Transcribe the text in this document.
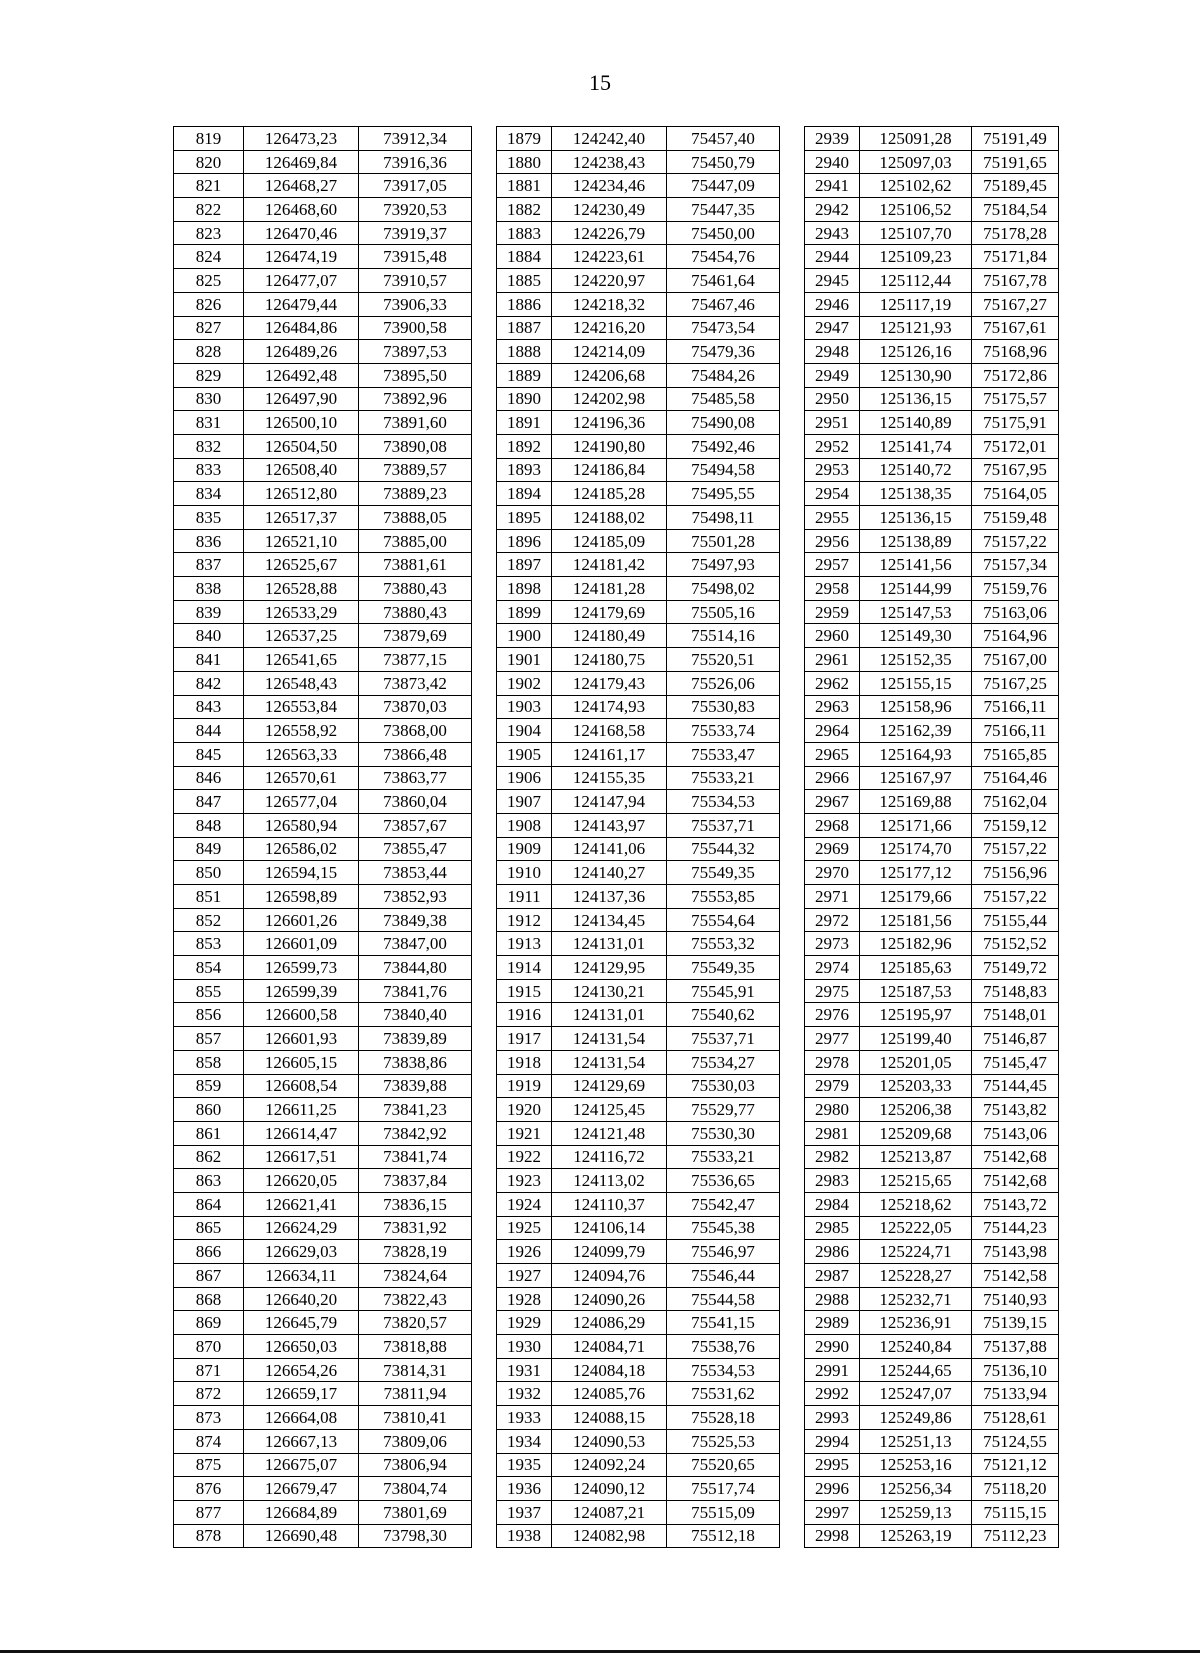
15
819	126473,23	73912,34		1879	124242,40	75457,40		2939	125091,28	75191,49
820	126469,84	73916,36		1880	124238,43	75450,79		2940	125097,03	75191,65
821	126468,27	73917,05		1881	124234,46	75447,09		2941	125102,62	75189,45
822	126468,60	73920,53		1882	124230,49	75447,35		2942	125106,52	75184,54
823	126470,46	73919,37		1883	124226,79	75450,00		2943	125107,70	75178,28
824	126474,19	73915,48		1884	124223,61	75454,76		2944	125109,23	75171,84
825	126477,07	73910,57		1885	124220,97	75461,64		2945	125112,44	75167,78
826	126479,44	73906,33		1886	124218,32	75467,46		2946	125117,19	75167,27
827	126484,86	73900,58		1887	124216,20	75473,54		2947	125121,93	75167,61
828	126489,26	73897,53		1888	124214,09	75479,36		2948	125126,16	75168,96
829	126492,48	73895,50		1889	124206,68	75484,26		2949	125130,90	75172,86
830	126497,90	73892,96		1890	124202,98	75485,58		2950	125136,15	75175,57
831	126500,10	73891,60		1891	124196,36	75490,08		2951	125140,89	75175,91
832	126504,50	73890,08		1892	124190,80	75492,46		2952	125141,74	75172,01
833	126508,40	73889,57		1893	124186,84	75494,58		2953	125140,72	75167,95
834	126512,80	73889,23		1894	124185,28	75495,55		2954	125138,35	75164,05
835	126517,37	73888,05		1895	124188,02	75498,11		2955	125136,15	75159,48
836	126521,10	73885,00		1896	124185,09	75501,28		2956	125138,89	75157,22
837	126525,67	73881,61		1897	124181,42	75497,93		2957	125141,56	75157,34
838	126528,88	73880,43		1898	124181,28	75498,02		2958	125144,99	75159,76
839	126533,29	73880,43		1899	124179,69	75505,16		2959	125147,53	75163,06
840	126537,25	73879,69		1900	124180,49	75514,16		2960	125149,30	75164,96
841	126541,65	73877,15		1901	124180,75	75520,51		2961	125152,35	75167,00
842	126548,43	73873,42		1902	124179,43	75526,06		2962	125155,15	75167,25
843	126553,84	73870,03		1903	124174,93	75530,83		2963	125158,96	75166,11
844	126558,92	73868,00		1904	124168,58	75533,74		2964	125162,39	75166,11
845	126563,33	73866,48		1905	124161,17	75533,47		2965	125164,93	75165,85
846	126570,61	73863,77		1906	124155,35	75533,21		2966	125167,97	75164,46
847	126577,04	73860,04		1907	124147,94	75534,53		2967	125169,88	75162,04
848	126580,94	73857,67		1908	124143,97	75537,71		2968	125171,66	75159,12
849	126586,02	73855,47		1909	124141,06	75544,32		2969	125174,70	75157,22
850	126594,15	73853,44		1910	124140,27	75549,35		2970	125177,12	75156,96
851	126598,89	73852,93		1911	124137,36	75553,85		2971	125179,66	75157,22
852	126601,26	73849,38		1912	124134,45	75554,64		2972	125181,56	75155,44
853	126601,09	73847,00		1913	124131,01	75553,32		2973	125182,96	75152,52
854	126599,73	73844,80		1914	124129,95	75549,35		2974	125185,63	75149,72
855	126599,39	73841,76		1915	124130,21	75545,91		2975	125187,53	75148,83
856	126600,58	73840,40		1916	124131,01	75540,62		2976	125195,97	75148,01
857	126601,93	73839,89		1917	124131,54	75537,71		2977	125199,40	75146,87
858	126605,15	73838,86		1918	124131,54	75534,27		2978	125201,05	75145,47
859	126608,54	73839,88		1919	124129,69	75530,03		2979	125203,33	75144,45
860	126611,25	73841,23		1920	124125,45	75529,77		2980	125206,38	75143,82
861	126614,47	73842,92		1921	124121,48	75530,30		2981	125209,68	75143,06
862	126617,51	73841,74		1922	124116,72	75533,21		2982	125213,87	75142,68
863	126620,05	73837,84		1923	124113,02	75536,65		2983	125215,65	75142,68
864	126621,41	73836,15		1924	124110,37	75542,47		2984	125218,62	75143,72
865	126624,29	73831,92		1925	124106,14	75545,38		2985	125222,05	75144,23
866	126629,03	73828,19		1926	124099,79	75546,97		2986	125224,71	75143,98
867	126634,11	73824,64		1927	124094,76	75546,44		2987	125228,27	75142,58
868	126640,20	73822,43		1928	124090,26	75544,58		2988	125232,71	75140,93
869	126645,79	73820,57		1929	124086,29	75541,15		2989	125236,91	75139,15
870	126650,03	73818,88		1930	124084,71	75538,76		2990	125240,84	75137,88
871	126654,26	73814,31		1931	124084,18	75534,53		2991	125244,65	75136,10
872	126659,17	73811,94		1932	124085,76	75531,62		2992	125247,07	75133,94
873	126664,08	73810,41		1933	124088,15	75528,18		2993	125249,86	75128,61
874	126667,13	73809,06		1934	124090,53	75525,53		2994	125251,13	75124,55
875	126675,07	73806,94		1935	124092,24	75520,65		2995	125253,16	75121,12
876	126679,47	73804,74		1936	124090,12	75517,74		2996	125256,34	75118,20
877	126684,89	73801,69		1937	124087,21	75515,09		2997	125259,13	75115,15
878	126690,48	73798,30		1938	124082,98	75512,18		2998	125263,19	75112,23
